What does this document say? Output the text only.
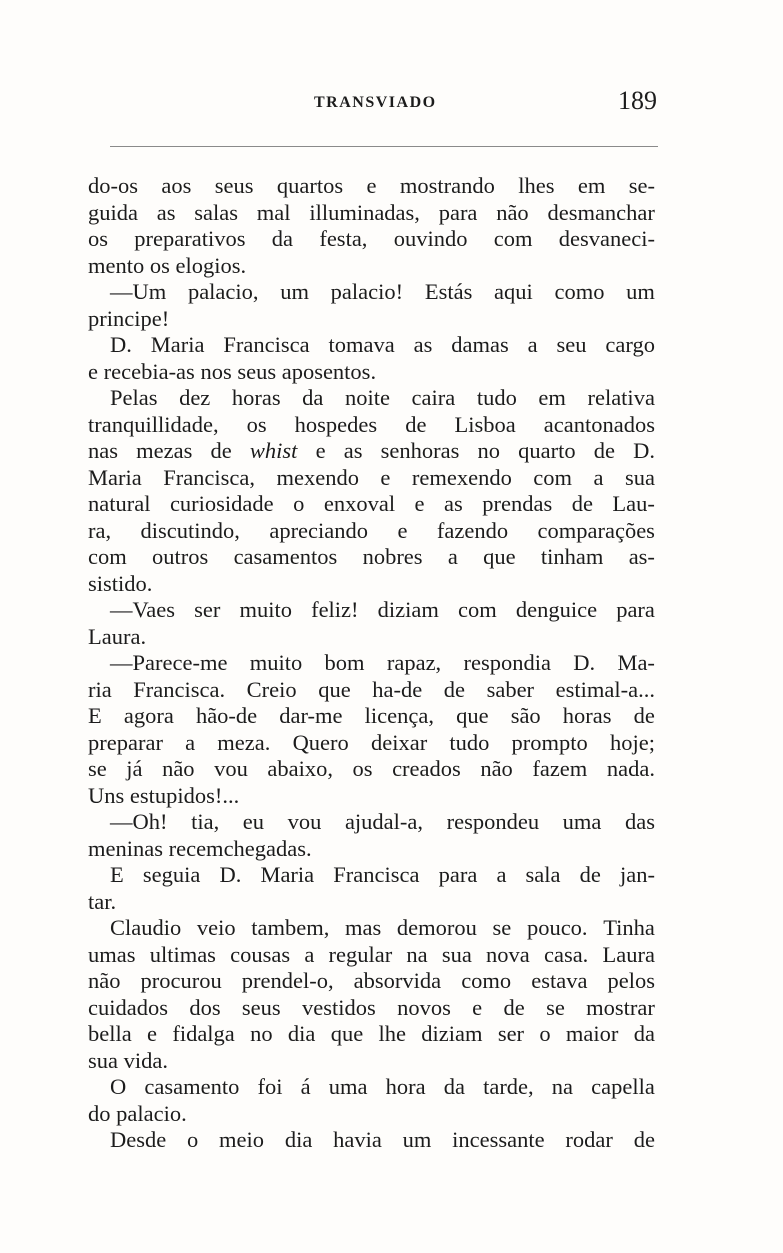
TRANSVIADO	189
do-os aos seus quartos e mostrando lhes em se-
guida as salas mal illuminadas, para não desmanchar
os preparativos da festa, ouvindo com desvaneci-
mento os elogios.
—Um palacio, um palacio! Estás aqui como um
principe!
D. Maria Francisca tomava as damas a seu cargo
e recebia-as nos seus aposentos.
Pelas dez horas da noite caira tudo em relativa
tranquillidade, os hospedes de Lisboa acantonados
nas mezas de whist e as senhoras no quarto de D.
Maria Francisca, mexendo e remexendo com a sua
natural curiosidade o enxoval e as prendas de Lau-
ra, discutindo, apreciando e fazendo comparações
com outros casamentos nobres a que tinham as-
sistido.
—Vaes ser muito feliz! diziam com denguice para
Laura.
—Parece-me muito bom rapaz, respondia D. Ma-
ria Francisca. Creio que ha-de de saber estimal-a...
E agora hão-de dar-me licença, que são horas de
preparar a meza. Quero deixar tudo prompto hoje;
se já não vou abaixo, os creados não fazem nada.
Uns estupidos!...
—Oh! tia, eu vou ajudal-a, respondeu uma das
meninas recemchegadas.
E seguia D. Maria Francisca para a sala de jan-
tar.
Claudio veio tambem, mas demorou se pouco. Tinha
umas ultimas cousas a regular na sua nova casa. Laura
não procurou prendel-o, absorvida como estava pelos
cuidados dos seus vestidos novos e de se mostrar
bella e fidalga no dia que lhe diziam ser o maior da
sua vida.
O casamento foi á uma hora da tarde, na capella
do palacio.
Desde o meio dia havia um incessante rodar de
